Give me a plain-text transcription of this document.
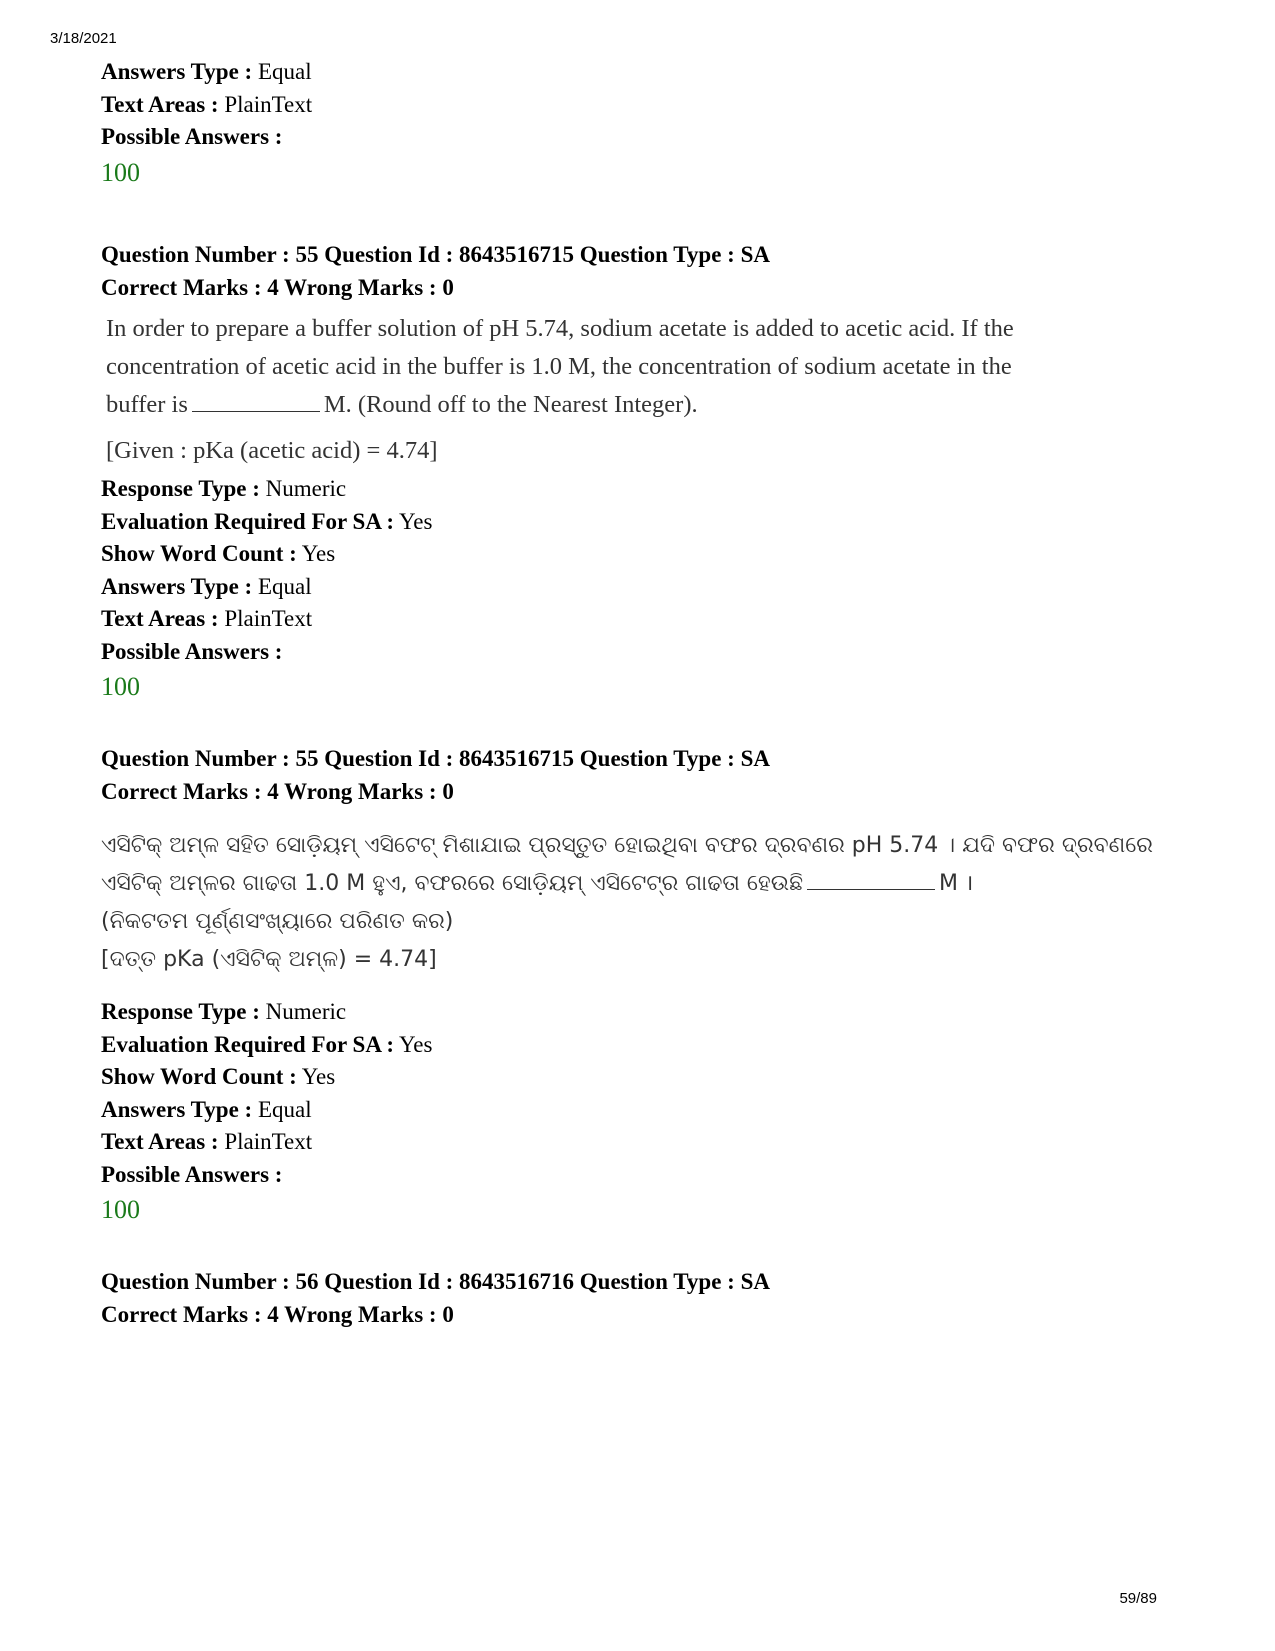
3/18/2021
Answers Type : Equal
Text Areas : PlainText
Possible Answers :
100
Question Number : 55 Question Id : 8643516715 Question Type : SA
Correct Marks : 4 Wrong Marks : 0
In order to prepare a buffer solution of pH 5.74, sodium acetate is added to acetic acid. If the
concentration of acetic acid in the buffer is 1.0 M, the concentration of sodium acetate in the
buffer is	M. (Round off to the Nearest Integer).
[Given : pKa (acetic acid) = 4.74]
Response Type : Numeric
Evaluation Required For SA : Yes
Show Word Count : Yes
Answers Type : Equal
Text Areas : PlainText
Possible Answers :
100
Question Number : 55 Question Id : 8643516715 Question Type : SA
Correct Marks : 4 Wrong Marks : 0
ଏସିଟିକ୍ ଅମ୍ଳ ସହିତ ସୋଡ଼ିୟମ୍ ଏସିଟେଟ୍ ମିଶାଯାଇ ପ୍ରସ୍ତୁତ ହୋଇଥିବା ବଫର ଦ୍ରବଣର pH 5.74 । ଯଦି ବଫର ଦ୍ରବଣରେ
ଏସିଟିକ୍ ଅମ୍ଳର ଗାଢତା 1.0 M ହୁଏ, ବଫରରେ ସୋଡ଼ିୟମ୍ ଏସିଟେଟ୍ର ଗାଢତା ହେଉଛି	M ।
(ନିକଟତମ ପୂର୍ଣ୍ଣସଂଖ୍ୟାରେ ପରିଣତ କର)
[ଦତ୍ତ pKa (ଏସିଟିକ୍ ଅମ୍ଳ) = 4.74]
Response Type : Numeric
Evaluation Required For SA : Yes
Show Word Count : Yes
Answers Type : Equal
Text Areas : PlainText
Possible Answers :
100
Question Number : 56 Question Id : 8643516716 Question Type : SA
Correct Marks : 4 Wrong Marks : 0
59/89
